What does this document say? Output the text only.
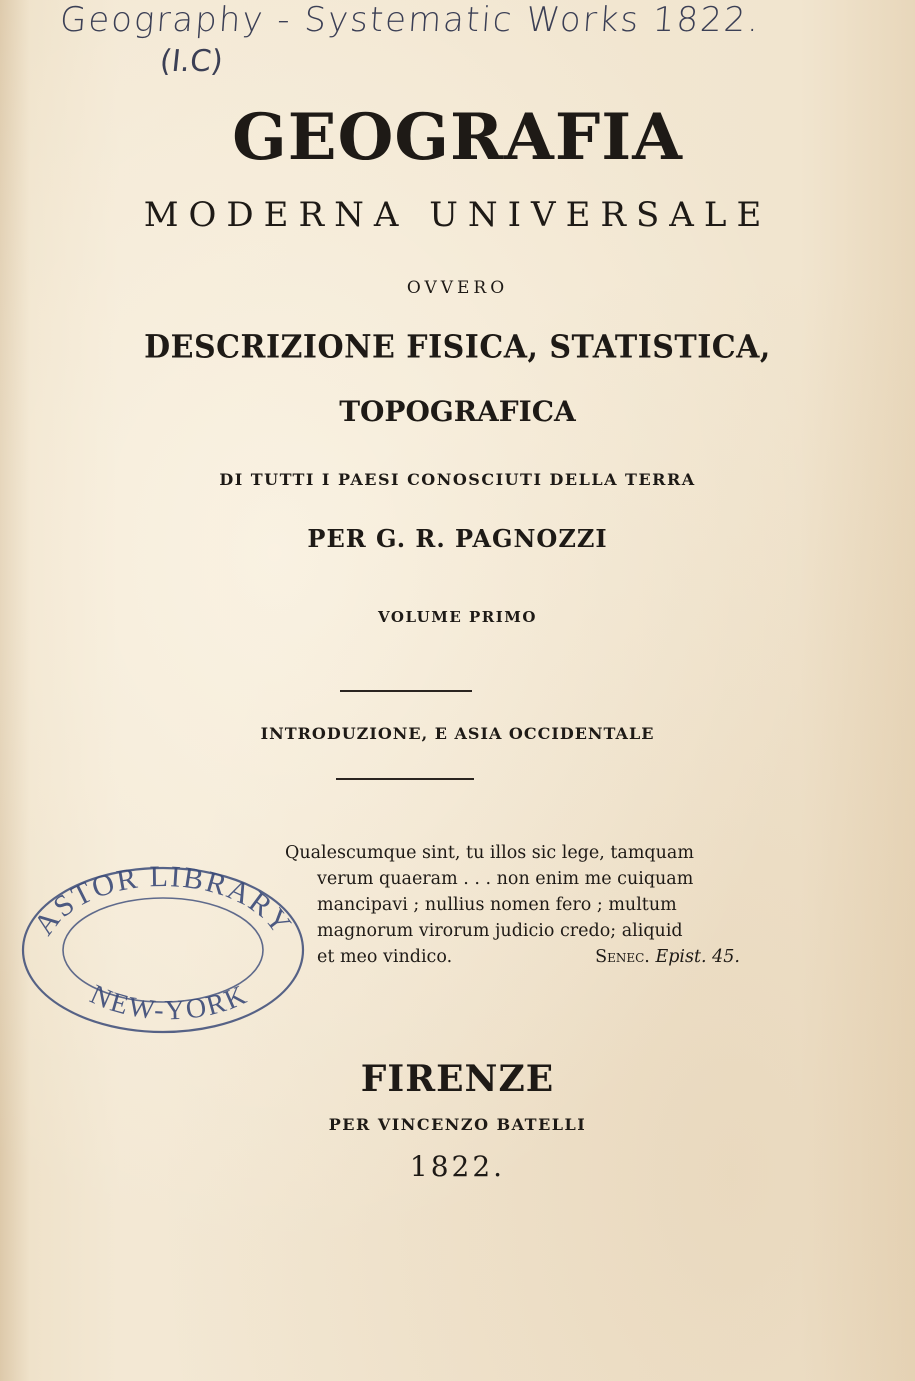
Geography - Systematic Works 1822.
(I.C)
GEOGRAFIA
MODERNA UNIVERSALE
OVVERO
DESCRIZIONE FISICA, STATISTICA,
TOPOGRAFICA
DI TUTTI I PAESI CONOSCIUTI DELLA TERRA
PER G. R. PAGNOZZI
VOLUME PRIMO
INTRODUZIONE, E ASIA OCCIDENTALE
Qualescumque sint, tu illos sic lege, tamquam
verum quaeram . . . non enim me cuiquam
mancipavi ; nullius nomen fero ; multum
magnorum virorum judicio credo; aliquid
et meo vindico.	Senec. Epist. 45.
ASTOR LIBRARY
NEW-YORK
FIRENZE
PER VINCENZO BATELLI
1822.
